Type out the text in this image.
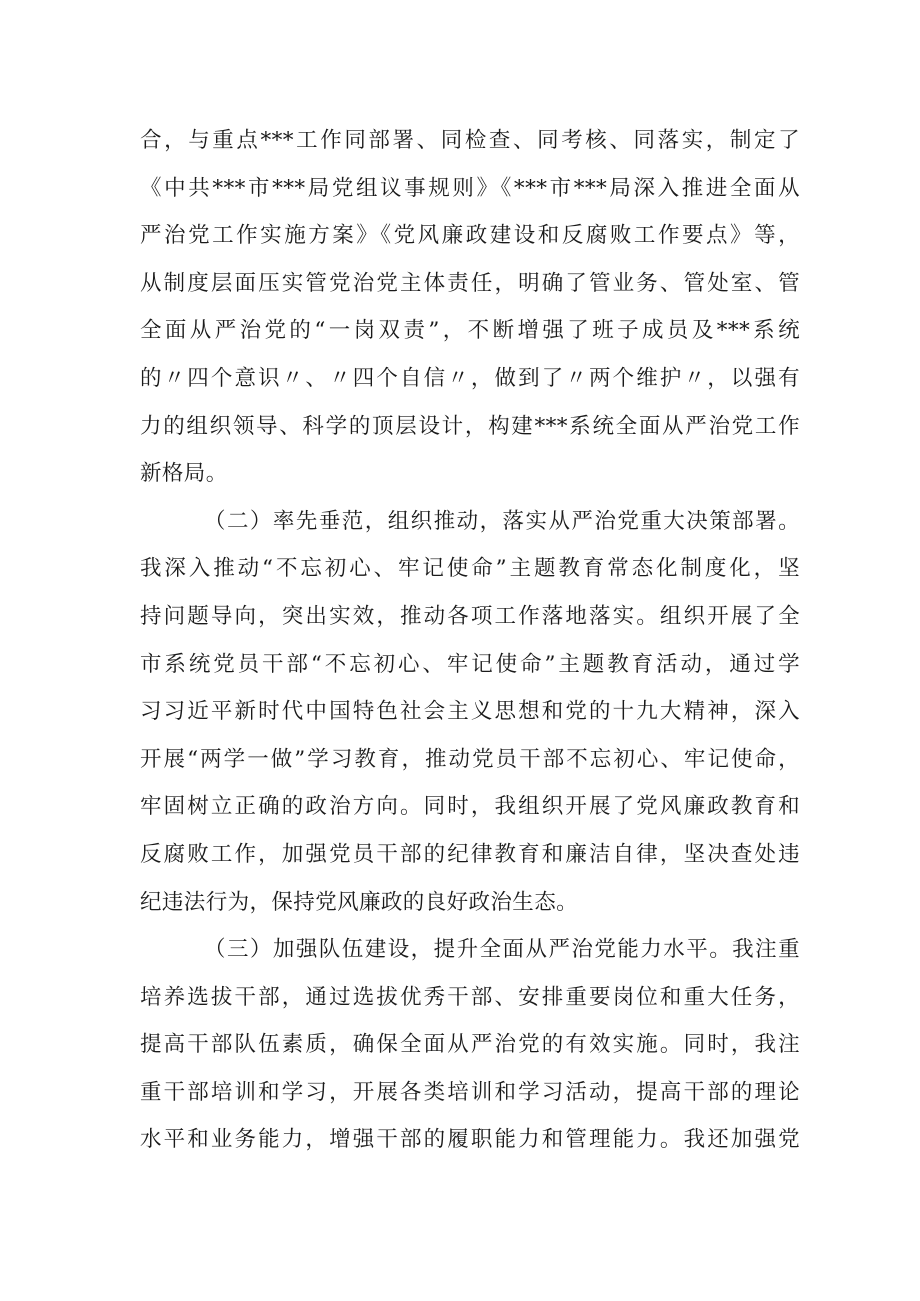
合，与重点***工作同部署、同检查、同考核、同落实，制定了
《中共***市***局党组议事规则》《***市***局深入推进全面从
严治党工作实施方案》《党风廉政建设和反腐败工作要点》等，
从制度层面压实管党治党主体责任，明确了管业务、管处室、管
全面从严治党的“一岗双责”，不断增强了班子成员及***系统
的〃四个意识〃、〃四个自信〃，做到了〃两个维护〃，以强有
力的组织领导、科学的顶层设计，构建***系统全面从严治党工作
新格局。
（二）率先垂范，组织推动，落实从严治党重大决策部署。
我深入推动“不忘初心、牢记使命”主题教育常态化制度化，坚
持问题导向，突出实效，推动各项工作落地落实。组织开展了全
市系统党员干部“不忘初心、牢记使命”主题教育活动，通过学
习习近平新时代中国特色社会主义思想和党的十九大精神，深入
开展“两学一做”学习教育，推动党员干部不忘初心、牢记使命，
牢固树立正确的政治方向。同时，我组织开展了党风廉政教育和
反腐败工作，加强党员干部的纪律教育和廉洁自律，坚决查处违
纪违法行为，保持党风廉政的良好政治生态。
（三）加强队伍建设，提升全面从严治党能力水平。我注重
培养选拔干部，通过选拔优秀干部、安排重要岗位和重大任务，
提高干部队伍素质，确保全面从严治党的有效实施。同时，我注
重干部培训和学习，开展各类培训和学习活动，提高干部的理论
水平和业务能力，增强干部的履职能力和管理能力。我还加强党
